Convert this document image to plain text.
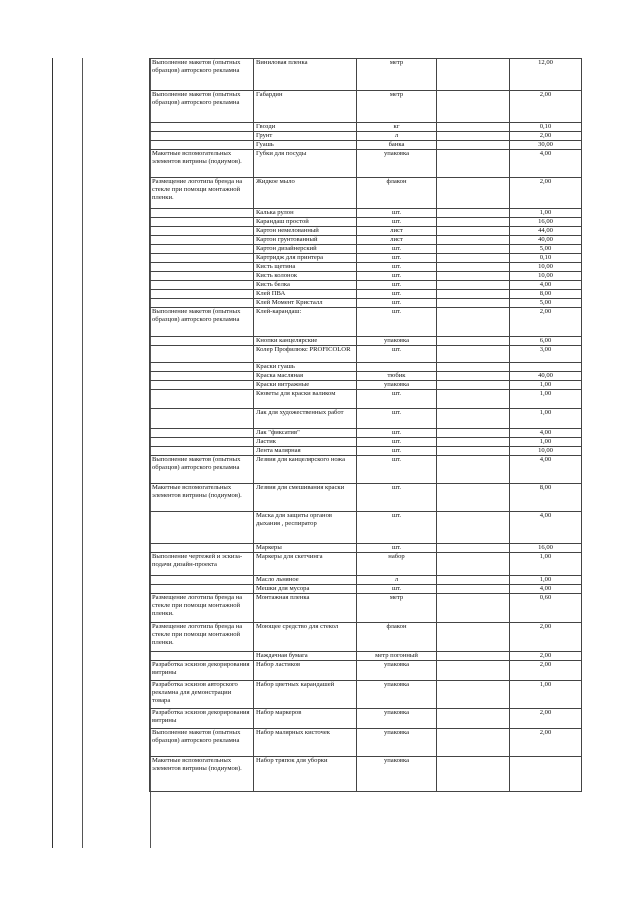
Выполнение макетов (опытных образцов) авторского рекламна	Виниловая пленка	метр		12,00
Выполнение макетов (опытных образцов) авторского рекламна	Габардин	метр		2,00
	Гвозди	кг		0,10
	Грунт	л		2,00
	Гуашь	банка		30,00
Макетные вспомогательных элементов витрины (подиумов).	Губки для посуды	упаковка		4,00
Размещение логотипа бренда на стекле при помощи монтажной пленки.	Жидкое мыло	флакон		2,00
	Калька рулон	шт.		1,00
	Карандаш простой	шт.		16,00
	Картон немелованный	лист		44,00
	Картон грунтованный	лист		40,00
	Картон дизайнерский	шт.		5,00
	Картридж для принтера	шт.		0,10
	Кисть щетина	шт.		10,00
	Кисть колонок	шт.		10,00
	Кисть белка	шт.		4,00
	Клей ПВА	шт.		8,00
	Клей Момент Кристалл	шт.		5,00
Выполнение макетов (опытных образцов) авторского рекламна	Клей-карандаш:	шт.		2,00
	Кнопки канцелярские	упаковка		6,00
	Колер Профилюкс PROFICOLOR	шт.		3,00
	Краски гуашь			
	Краска масляная	тюбик		40,00
	Краски витражные	упаковка		1,00
	Кюветы для краски валиком	шт.		1,00
	Лак для художественных работ	шт.		1,00
	Лак "фиксатив"	шт.		4,00
	Ластик	шт.		1,00
	Лента малярная	шт.		10,00
Выполнение макетов (опытных образцов) авторского рекламна	Лезвия для канцелярского ножа	шт.		4,00
Макетные вспомогательных элементов витрины (подиумов).	Лезвия для смешивания краски	шт.		8,00
	Маска для защиты органов дыхания , респиратор	шт.		4,00
	Маркеры	шт.		16,00
Выполнение чертежей и эскиза-подачи дизайн-проекта	Маркеры для скетчинга	набор		1,00
	Масло льняное	л		1,00
	Мешки для мусора	шт.		4,00
Размещение логотипа бренда на стекле при помощи монтажной пленки.	Монтажная пленка	метр		0,60
Размещение логотипа бренда на стекле при помощи монтажной пленки.	Моющее средство для стекол	флакон		2,00
	Наждачная бумага	метр погонный		2,00
Разработка эскизов декорирования витрины	Набор ластиков	упаковка		2,00
Разработка эскизов авторского рекламна для демонстрации товара	Набор цветных карандашей	упаковка		1,00
Разработка эскизов декорирования витрины	Набор маркеров	упаковка		2,00
Выполнение макетов (опытных образцов) авторского рекламна	Набор малярных кисточек	упаковка		2,00
Макетные вспомогательных элементов витрины (подиумов).	Набор тряпок для уборки	упаковка		
